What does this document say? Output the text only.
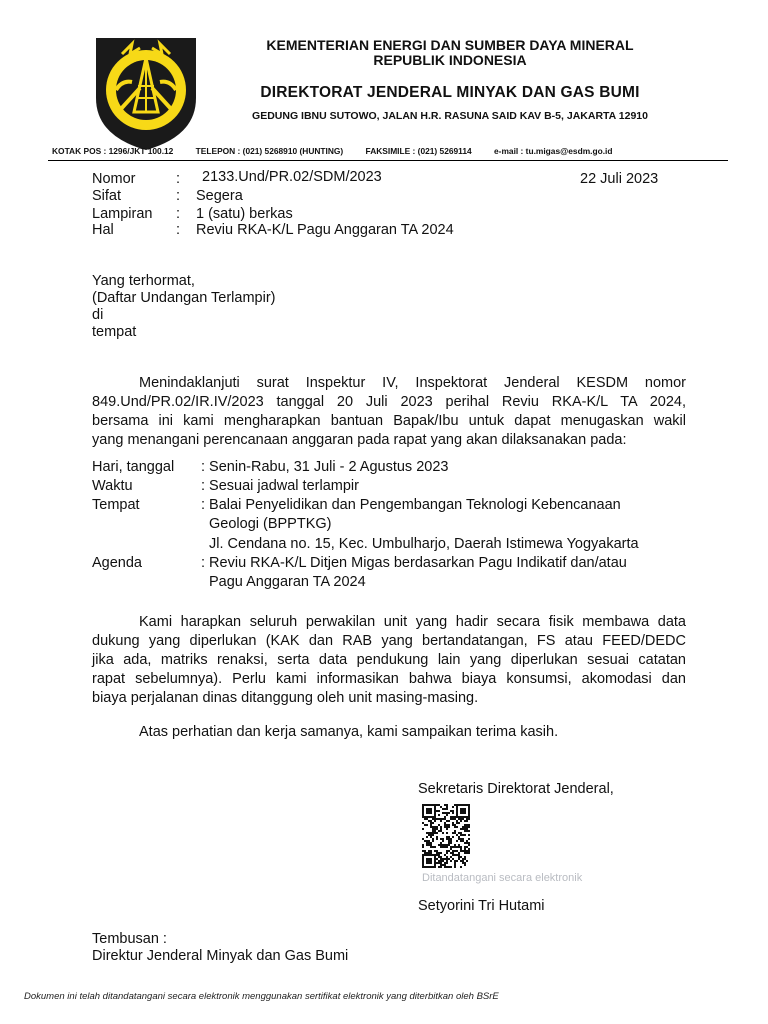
KEMENTERIAN ENERGI DAN SUMBER DAYA MINERAL
REPUBLIK INDONESIA
DIREKTORAT JENDERAL MINYAK DAN GAS BUMI
GEDUNG IBNU SUTOWO, JALAN H.R. RASUNA SAID KAV B-5, JAKARTA 12910
KOTAK POS : 1296/JKT 100.12	TELEPON : (021) 5268910 (HUNTING)	FAKSIMILE : (021) 5269114	e-mail : tu.migas@esdm.go.id
Nomor	: 2133.Und/PR.02/SDM/2023	22 Juli 2023
Sifat	: Segera
Lampiran : 1 (satu) berkas
Hal	: Reviu RKA-K/L Pagu Anggaran TA 2024
Yang terhormat,
(Daftar Undangan Terlampir)
di
tempat
Menindaklanjuti surat Inspektur IV, Inspektorat Jenderal KESDM nomor
849.Und/PR.02/IR.IV/2023 tanggal 20 Juli 2023 perihal Reviu RKA-K/L TA 2024,
bersama ini kami mengharapkan bantuan Bapak/Ibu untuk dapat menugaskan wakil
yang menangani perencanaan anggaran pada rapat yang akan dilaksanakan pada:
Hari, tanggal : Senin-Rabu, 31 Juli - 2 Agustus 2023
Waktu	: Sesuai jadwal terlampir
Tempat	: Balai Penyelidikan dan Pengembangan Teknologi Kebencanaan
Geologi (BPPTKG)
Jl. Cendana no. 15, Kec. Umbulharjo, Daerah Istimewa Yogyakarta
Agenda	: Reviu RKA-K/L Ditjen Migas berdasarkan Pagu Indikatif dan/atau
Pagu Anggaran TA 2024
Kami harapkan seluruh perwakilan unit yang hadir secara fisik membawa data
dukung yang diperlukan (KAK dan RAB yang bertandatangan, FS atau FEED/DEDC
jika ada, matriks renaksi, serta data pendukung lain yang diperlukan sesuai catatan
rapat sebelumnya). Perlu kami informasikan bahwa biaya konsumsi, akomodasi dan
biaya perjalanan dinas ditanggung oleh unit masing-masing.
Atas perhatian dan kerja samanya, kami sampaikan terima kasih.
Sekretaris Direktorat Jenderal,
Ditandatangani secara elektronik
Setyorini Tri Hutami
Tembusan :
Direktur Jenderal Minyak dan Gas Bumi
Dokumen ini telah ditandatangani secara elektronik menggunakan sertifikat elektronik yang diterbitkan oleh BSrE
